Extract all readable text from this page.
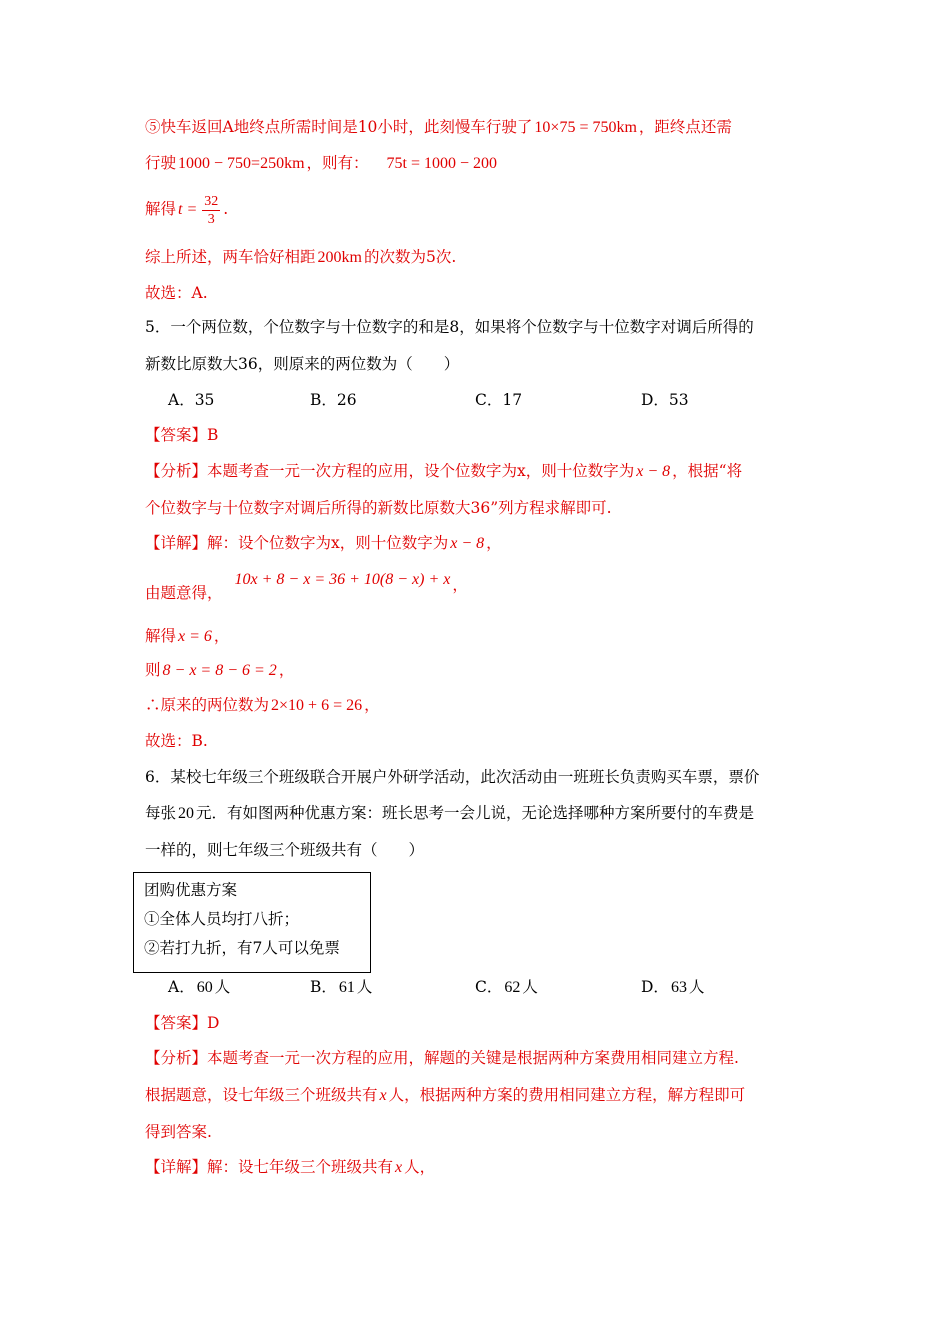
⑤快车返回A地终点所需时间是10小时，此刻慢车行驶了 10×75 = 750km ，距终点还需
行驶 1000 − 750=250km ，则有： 75t = 1000 − 200
解得 $t = \frac{32}{3}$ .
综上所述，两车恰好相距 200km 的次数为5次.
故选：A.
5．一个两位数，个位数字与十位数字的和是8，如果将个位数字与十位数字对调后所得的
新数比原数大36，则原来的两位数为（　　）
A．35	B．26	C．17	D．53
【答案】B
【分析】本题考查一元一次方程的应用，设个位数字为x，则十位数字为 x − 8 ，根据“将
个位数字与十位数字对调后所得的新数比原数大36”列方程求解即可.
【详解】解：设个位数字为x，则十位数字为 x − 8 ，
由题意得，10x + 8 − x = 36 + 10(8 − x) + x ，
解得 x = 6 ，
则 8 − x = 8 − 6 = 2 ，
∴原来的两位数为 2×10 + 6 = 26 ，
故选：B.
6．某校七年级三个班级联合开展户外研学活动，此次活动由一班班长负责购买车票，票价
每张 20 元．有如图两种优惠方案：班长思考一会儿说，无论选择哪种方案所要付的车费是
一样的，则七年级三个班级共有（　　）
团购优惠方案
①全体人员均打八折；
②若打九折，有7人可以免票
A． 60 人	B． 61 人	C． 62 人	D． 63 人
【答案】D
【分析】本题考查一元一次方程的应用，解题的关键是根据两种方案费用相同建立方程.
根据题意，设七年级三个班级共有 x 人，根据两种方案的费用相同建立方程，解方程即可
得到答案.
【详解】解：设七年级三个班级共有 x 人，
